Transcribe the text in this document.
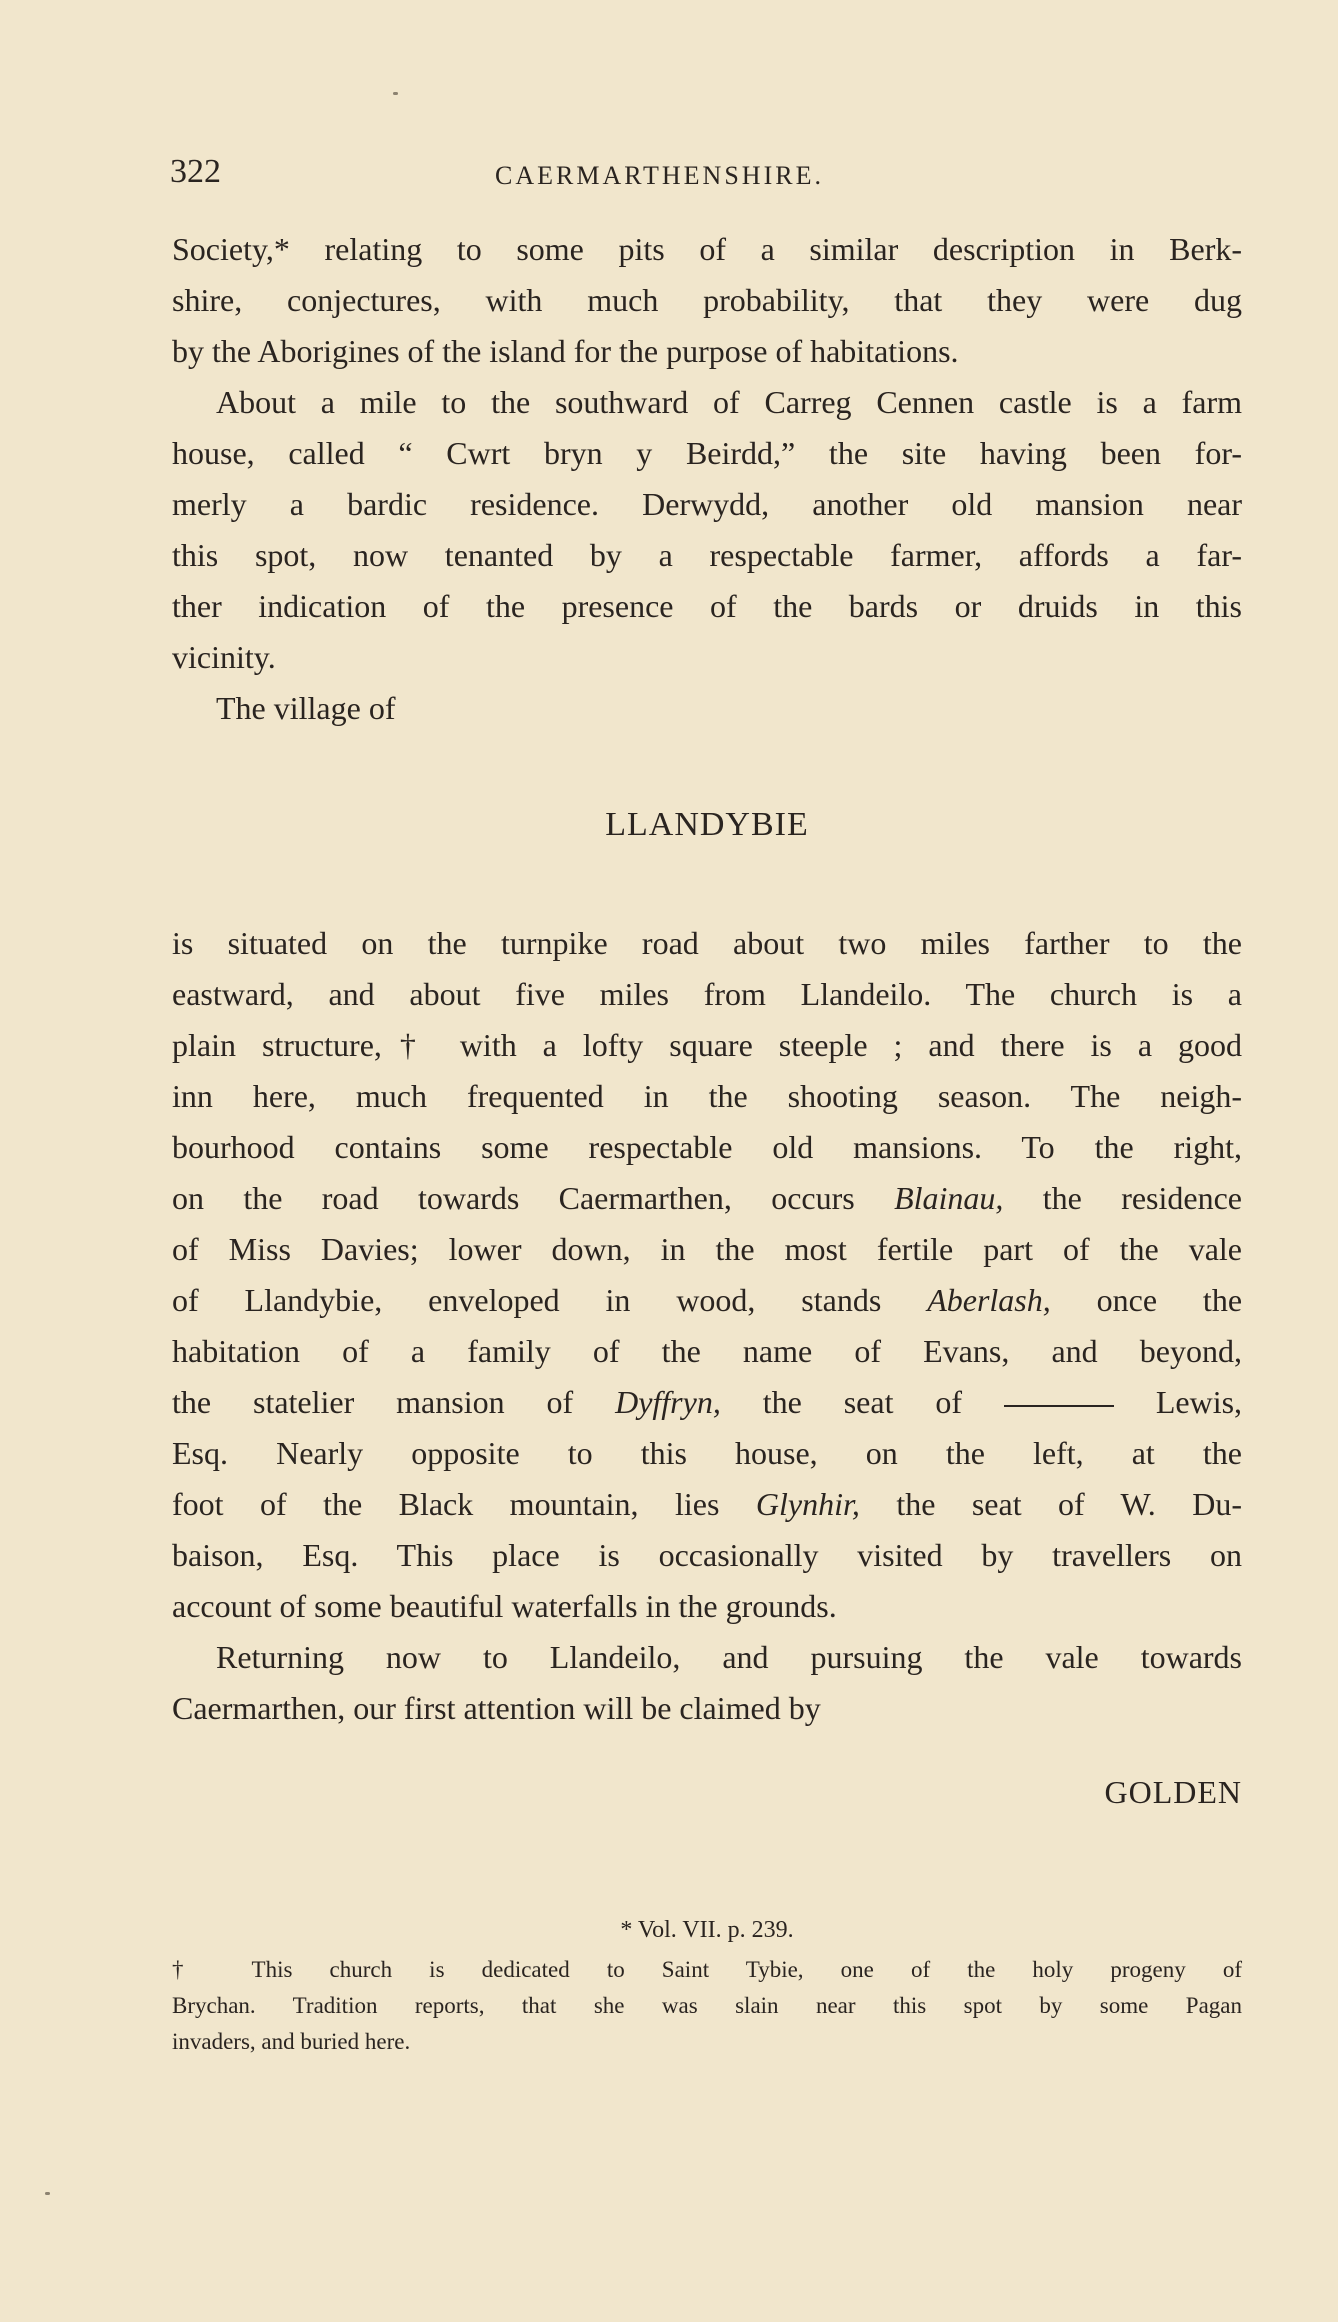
322	CAERMARTHENSHIRE.
Society,* relating to some pits of a similar description in Berk-
shire, conjectures, with much probability, that they were dug
by the Aborigines of the island for the purpose of habitations.
About a mile to the southward of Carreg Cennen castle is a farm
house, called “ Cwrt bryn y Beirdd,” the site having been for-
merly a bardic residence. Derwydd, another old mansion near
this spot, now tenanted by a respectable farmer, affords a far-
ther indication of the presence of the bards or druids in this
vicinity.
The village of
LLANDYBIE
is situated on the turnpike road about two miles farther to the
eastward, and about five miles from Llandeilo. The church is a
plain structure,† with a lofty square steeple ; and there is a good
inn here, much frequented in the shooting season. The neigh-
bourhood contains some respectable old mansions. To the right,
on the road towards Caermarthen, occurs Blainau, the residence
of Miss Davies; lower down, in the most fertile part of the vale
of Llandybie, enveloped in wood, stands Aberlash, once the
habitation of a family of the name of Evans, and beyond,
the statelier mansion of Dyffryn, the seat of	Lewis,
Esq. Nearly opposite to this house, on the left, at the
foot of the Black mountain, lies Glynhir, the seat of W. Du-
baison, Esq. This place is occasionally visited by travellers on
account of some beautiful waterfalls in the grounds.
Returning now to Llandeilo, and pursuing the vale towards
Caermarthen, our first attention will be claimed by
GOLDEN
* Vol. VII. p. 239.
† This church is dedicated to Saint Tybie, one of the holy progeny of
Brychan. Tradition reports, that she was slain near this spot by some Pagan
invaders, and buried here.
